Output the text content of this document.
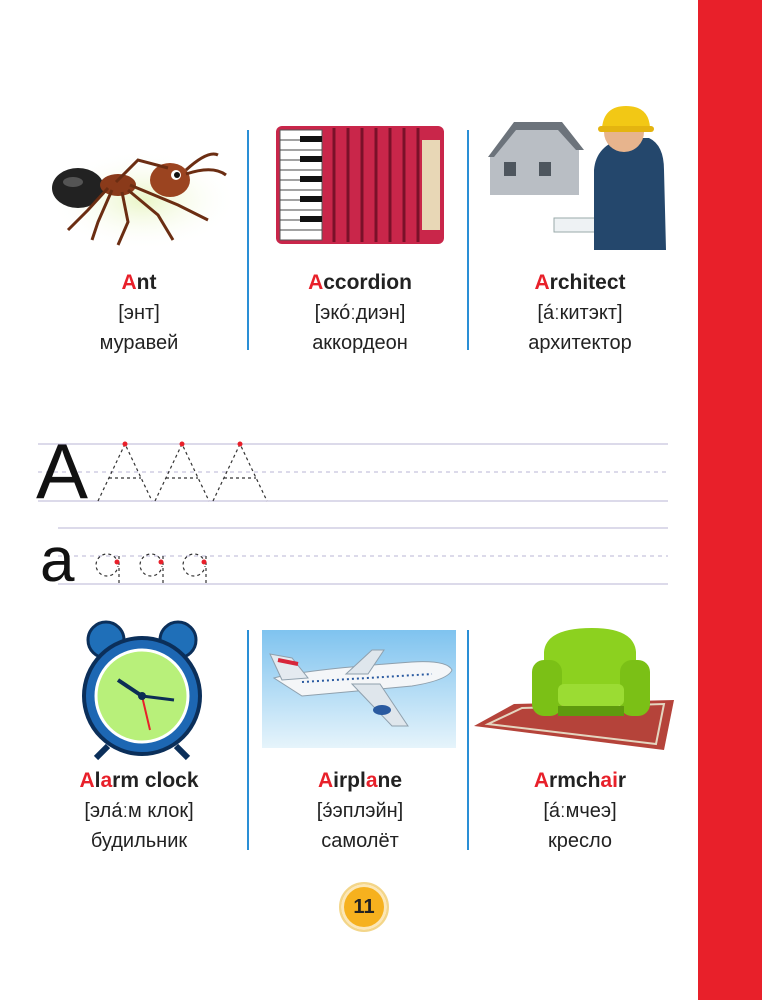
Ant
[энт]
муравей
Accordion
[экóːдиэн]
аккордеон
Architect
[áːкитэкт]
архитектор
A
a
Alarm clock
[эла́ːм клок]
будильник
Airplane
[э́эплэйн]
самолёт
Armchair
[áːмчеэ]
кресло
11
